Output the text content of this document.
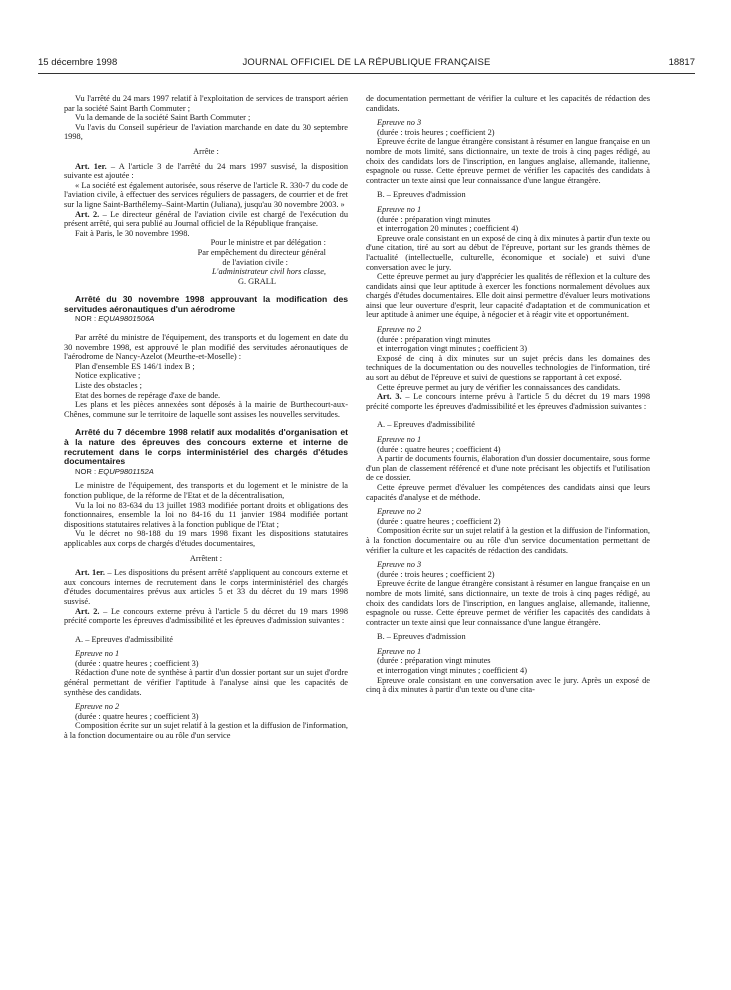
15 décembre 1998	JOURNAL OFFICIEL DE LA RÉPUBLIQUE FRANÇAISE	18817

Vu l'arrêté du 24 mars 1997 relatif à l'exploitation de services de transport aérien par la société Saint Barth Commuter ;

Vu la demande de la société Saint Barth Commuter ;

Vu l'avis du Conseil supérieur de l'aviation marchande en date du 30 septembre 1998,

Arrête :

Art. 1er. – A l'article 3 de l'arrêté du 24 mars 1997 susvisé, la disposition suivante est ajoutée :

« La société est également autorisée, sous réserve de l'article R. 330-7 du code de l'aviation civile, à effectuer des services réguliers de passagers, de courrier et de fret sur la ligne Saint-Barthélemy–Saint-Martin (Juliana), jusqu'au 30 novembre 2003. »

Art. 2. – Le directeur général de l'aviation civile est chargé de l'exécution du présent arrêté, qui sera publié au Journal officiel de la République française.

Fait à Paris, le 30 novembre 1998.

Pour le ministre et par délégation :

Par empêchement du directeur général

de l'aviation civile :

L'administrateur civil hors classe,

G. GRALL

Arrêté du 30 novembre 1998 approuvant la modification des servitudes aéronautiques d'un aérodrome

NOR : EQUA9801506A

Par arrêté du ministre de l'équipement, des transports et du logement en date du 30 novembre 1998, est approuvé le plan modifié des servitudes aéronautiques de l'aérodrome de Nancy-Azelot (Meurthe-et-Moselle) :

Plan d'ensemble ES 146/1 index B ;

Notice explicative ;

Liste des obstacles ;

Etat des bornes de repérage d'axe de bande.

Les plans et les pièces annexées sont déposés à la mairie de Burthecourt-aux-Chênes, commune sur le territoire de laquelle sont assises les nouvelles servitudes.

Arrêté du 7 décembre 1998 relatif aux modalités d'organisation et à la nature des épreuves des concours externe et interne de recrutement dans le corps interministériel des chargés d'études documentaires

NOR : EQUP9801152A

Le ministre de l'équipement, des transports et du logement et le ministre de la fonction publique, de la réforme de l'Etat et de la décentralisation,

Vu la loi no 83-634 du 13 juillet 1983 modifiée portant droits et obligations des fonctionnaires, ensemble la loi no 84-16 du 11 janvier 1984 modifiée portant dispositions statutaires relatives à la fonction publique de l'Etat ;

Vu le décret no 98-188 du 19 mars 1998 fixant les dispositions statutaires applicables aux corps de chargés d'études documentaires,

Arrêtent :

Art. 1er. – Les dispositions du présent arrêté s'appliquent au concours externe et aux concours internes de recrutement dans le corps interministériel des chargés d'études documentaires prévus aux articles 5 et 33 du décret du 19 mars 1998 susvisé.

Art. 2. – Le concours externe prévu à l'article 5 du décret du 19 mars 1998 précité comporte les épreuves d'admissibilité et les épreuves d'admission suivantes :

A. – Epreuves d'admissibilité

Epreuve no 1

(durée : quatre heures ; coefficient 3)

Rédaction d'une note de synthèse à partir d'un dossier portant sur un sujet d'ordre général permettant de vérifier l'aptitude à l'analyse ainsi que les capacités de synthèse des candidats.

Epreuve no 2

(durée : quatre heures ; coefficient 3)

Composition écrite sur un sujet relatif à la gestion et la diffusion de l'information, à la fonction documentaire ou au rôle d'un service

de documentation permettant de vérifier la culture et les capacités de rédaction des candidats.

Epreuve no 3

(durée : trois heures ; coefficient 2)

Epreuve écrite de langue étrangère consistant à résumer en langue française en un nombre de mots limité, sans dictionnaire, un texte de trois à cinq pages rédigé, au choix des candidats lors de l'inscription, en langues anglaise, allemande, italienne, espagnole ou russe. Cette épreuve permet de vérifier les capacités des candidats à contracter un texte ainsi que leur connaissance d'une langue étrangère.

B. – Epreuves d'admission

Epreuve no 1

(durée : préparation vingt minutes

et interrogation 20 minutes ; coefficient 4)

Epreuve orale consistant en un exposé de cinq à dix minutes à partir d'un texte ou d'une citation, tiré au sort au début de l'épreuve, portant sur les grands thèmes de l'actualité (intellectuelle, culturelle, économique et sociale) et suivi d'une conversation avec le jury.

Cette épreuve permet au jury d'apprécier les qualités de réflexion et la culture des candidats ainsi que leur aptitude à exercer les fonctions normalement dévolues aux chargés d'études documentaires. Elle doit ainsi permettre d'évaluer leurs motivations ainsi que leur ouverture d'esprit, leur capacité d'adaptation et de communication et leur aptitude à animer une équipe, à négocier et à réagir vite et opportunément.

Epreuve no 2

(durée : préparation vingt minutes

et interrogation vingt minutes ; coefficient 3)

Exposé de cinq à dix minutes sur un sujet précis dans les domaines des techniques de la documentation ou des nouvelles technologies de l'information, tiré au sort au début de l'épreuve et suivi de questions se rapportant à cet exposé.

Cette épreuve permet au jury de vérifier les connaissances des candidats.

Art. 3. – Le concours interne prévu à l'article 5 du décret du 19 mars 1998 précité comporte les épreuves d'admissibilité et les épreuves d'admission suivantes :

A. – Epreuves d'admissibilité

Epreuve no 1

(durée : quatre heures ; coefficient 4)

A partir de documents fournis, élaboration d'un dossier documentaire, sous forme d'un plan de classement référencé et d'une note précisant les objectifs et l'utilisation de ce dossier.

Cette épreuve permet d'évaluer les compétences des candidats ainsi que leurs capacités d'analyse et de méthode.

Epreuve no 2

(durée : quatre heures ; coefficient 2)

Composition écrite sur un sujet relatif à la gestion et la diffusion de l'information, à la fonction documentaire ou au rôle d'un service documentation permettant de vérifier la culture et les capacités de rédaction des candidats.

Epreuve no 3

(durée : trois heures ; coefficient 2)

Epreuve écrite de langue étrangère consistant à résumer en langue française en un nombre de mots limité, sans dictionnaire, un texte de trois à cinq pages rédigé, au choix des candidats lors de l'inscription, en langues anglaise, allemande, italienne, espagnole ou russe. Cette épreuve permet de vérifier les capacités des candidats à contracter un texte ainsi que leur connaissance d'une langue étrangère.

B. – Epreuves d'admission

Epreuve no 1

(durée : préparation vingt minutes

et interrogation vingt minutes ; coefficient 4)

Epreuve orale consistant en une conversation avec le jury. Après un exposé de cinq à dix minutes à partir d'un texte ou d'une cita-
